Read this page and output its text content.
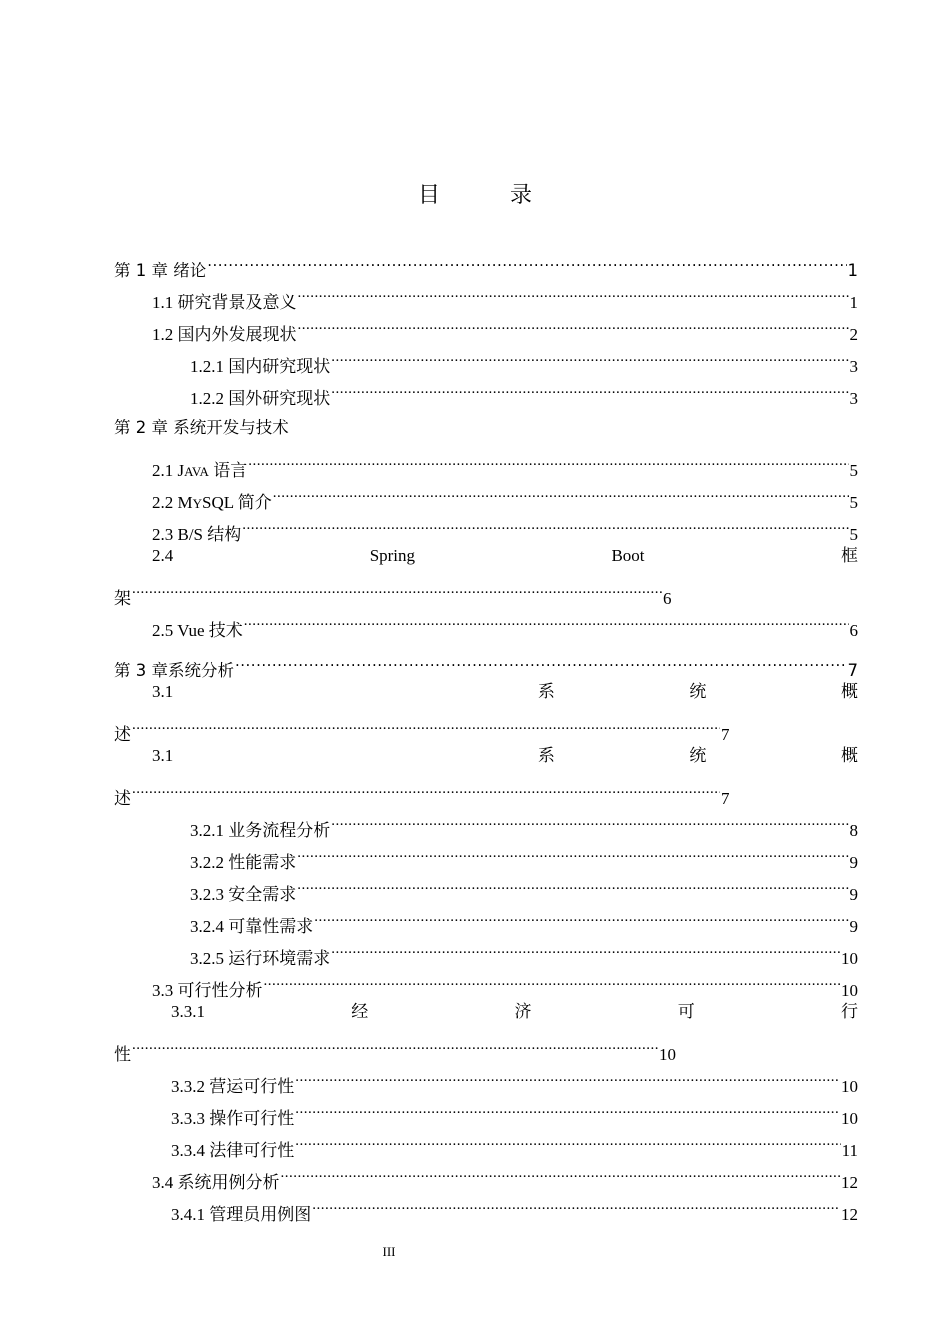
目　录
第 1 章 绪论 .....	1
1.1 研究背景及意义 .....	1
1.2 国内外发展现状 .....	2
1.2.1 国内研究现状 .....	3
1.2.2 国外研究现状 .....	3
第 2 章 系统开发与技术
2.1 JAVA 语言 .....	5
2.2 MYSQL 简介 .....	5
2.3 B/S 结构 .....	5
2.4	Spring	Boot	框
架 .....	6
2.5 Vue 技术 .....	6
第 3 章系统分析 .....	7
3.1	系	统	概
述 .....	7
3.1	系	统	概
述 .....	7
3.2.1 业务流程分析 .....	8
3.2.2 性能需求 .....	9
3.2.3 安全需求 .....	9
3.2.4 可靠性需求 .....	9
3.2.5 运行环境需求 .....	10
3.3 可行性分析 .....	10
3.3.1	经	济	可	行
性 .....	10
3.3.2 营运可行性 .....	10
3.3.3 操作可行性 .....	10
3.3.4 法律可行性 .....	11
3.4 系统用例分析 .....	12
3.4.1 管理员用例图 .....	12
III
